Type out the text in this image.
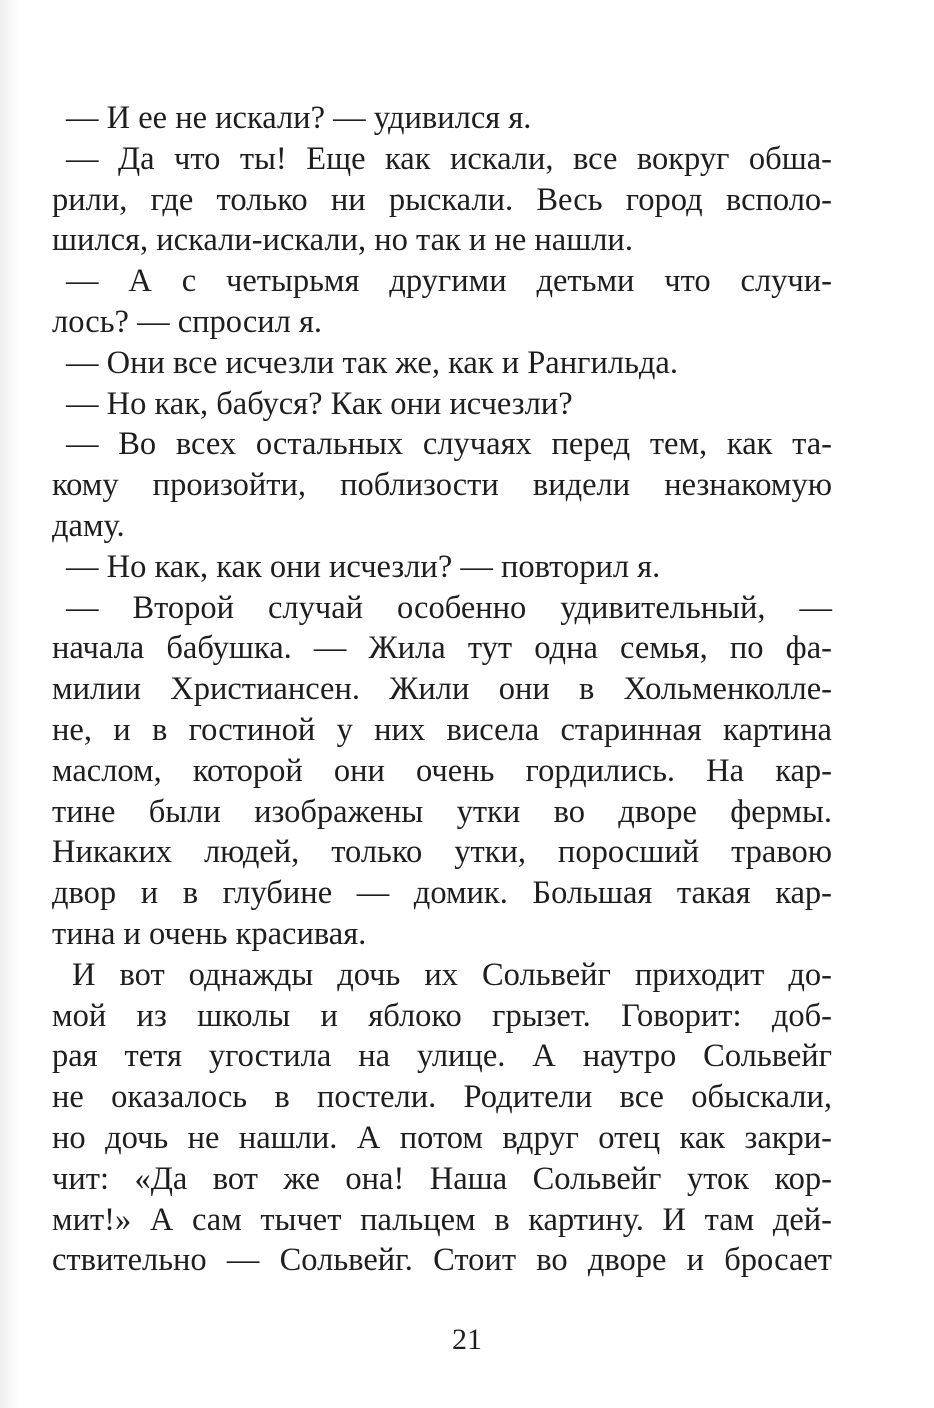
— И ее не искали? — удивился я.
— Да что ты! Еще как искали, все вокруг обша-
рили, где только ни рыскали. Весь город всполо-
шился, искали-искали, но так и не нашли.
— А с четырьмя другими детьми что случи-
лось? — спросил я.
— Они все исчезли так же, как и Рангильда.
— Но как, бабуся? Как они исчезли?
— Во всех остальных случаях перед тем, как та-
кому произойти, поблизости видели незнакомую
даму.
— Но как, как они исчезли? — повторил я.
— Второй случай особенно удивительный, —
начала бабушка. — Жила тут одна семья, по фа-
милии Христиансен. Жили они в Хольменколле-
не, и в гостиной у них висела старинная картина
маслом, которой они очень гордились. На кар-
тине были изображены утки во дворе фермы.
Никаких людей, только утки, поросший травою
двор и в глубине — домик. Большая такая кар-
тина и очень красивая.
И вот однажды дочь их Сольвейг приходит до-
мой из школы и яблоко грызет. Говорит: доб-
рая тетя угостила на улице. А наутро Сольвейг
не оказалось в постели. Родители все обыскали,
но дочь не нашли. А потом вдруг отец как закри-
чит: «Да вот же она! Наша Сольвейг уток кор-
мит!» А сам тычет пальцем в картину. И там дей-
ствительно — Сольвейг. Стоит во дворе и бросает
21
